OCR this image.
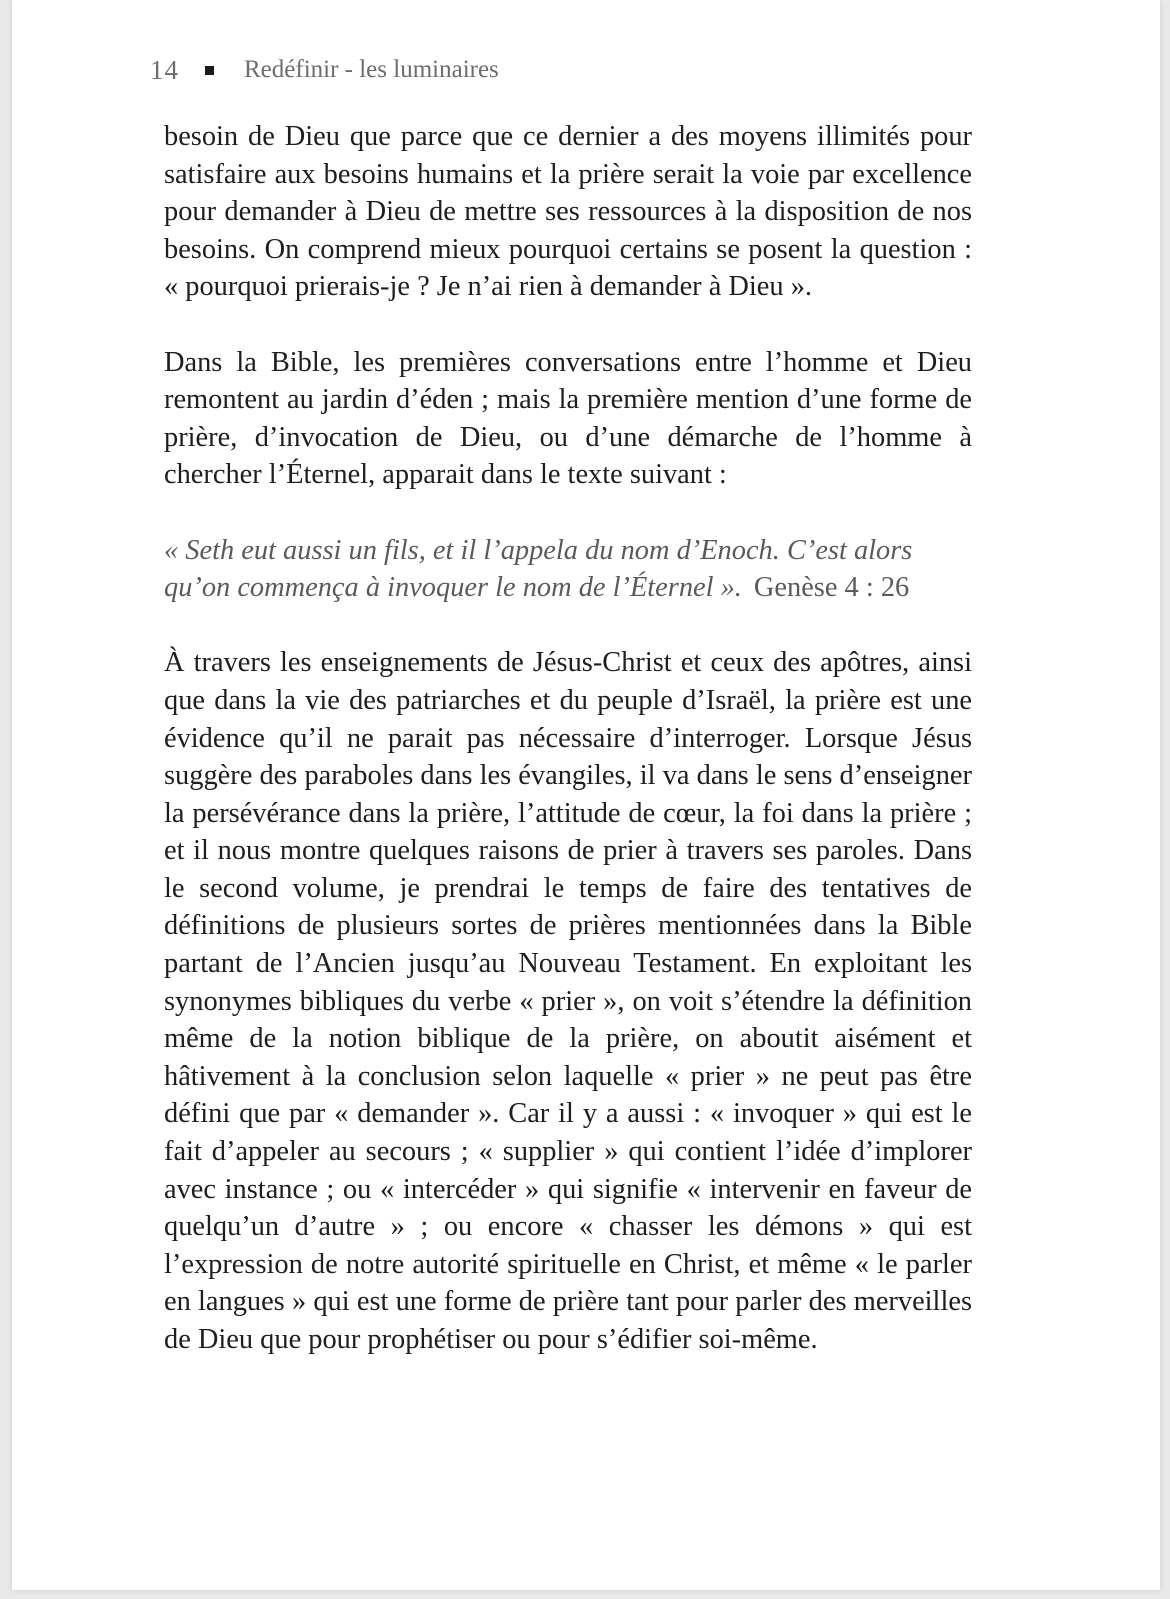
14	Redéfinir - les luminaires

besoin de Dieu que parce que ce dernier a des moyens illimités pour satisfaire aux besoins humains et la prière serait la voie par excellence pour demander à Dieu de mettre ses ressources à la disposition de nos besoins. On comprend mieux pourquoi certains se posent la question : « pourquoi prierais-je ? Je n’ai rien à demander à Dieu ».

Dans la Bible, les premières conversations entre l’homme et Dieu remontent au jardin d’éden ; mais la première mention d’une forme de prière, d’invocation de Dieu, ou d’une démarche de l’homme à chercher l’Éternel, apparait dans le texte suivant :

« Seth eut aussi un fils, et il l’appela du nom d’Enoch. C’est alors qu’on commença à invoquer le nom de l’Éternel ». Genèse 4 : 26

À travers les enseignements de Jésus-Christ et ceux des apôtres, ainsi que dans la vie des patriarches et du peuple d’Israël, la prière est une évidence qu’il ne parait pas nécessaire d’interroger. Lorsque Jésus suggère des paraboles dans les évangiles, il va dans le sens d’enseigner la persévérance dans la prière, l’attitude de cœur, la foi dans la prière ; et il nous montre quelques raisons de prier à travers ses paroles. Dans le second volume, je prendrai le temps de faire des tentatives de définitions de plusieurs sortes de prières mentionnées dans la Bible partant de l’Ancien jusqu’au Nouveau Testament. En exploitant les synonymes bibliques du verbe « prier », on voit s’étendre la définition même de la notion biblique de la prière, on aboutit aisément et hâtivement à la conclusion selon laquelle « prier » ne peut pas être défini que par « demander ». Car il y a aussi : « invoquer » qui est le fait d’appeler au secours ; « supplier » qui contient l’idée d’implorer avec instance ; ou « intercéder » qui signifie « intervenir en faveur de quelqu’un d’autre » ; ou encore « chasser les démons » qui est l’expression de notre autorité spirituelle en Christ, et même « le parler en langues » qui est une forme de prière tant pour parler des merveilles de Dieu que pour prophétiser ou pour s’édifier soi-même.
